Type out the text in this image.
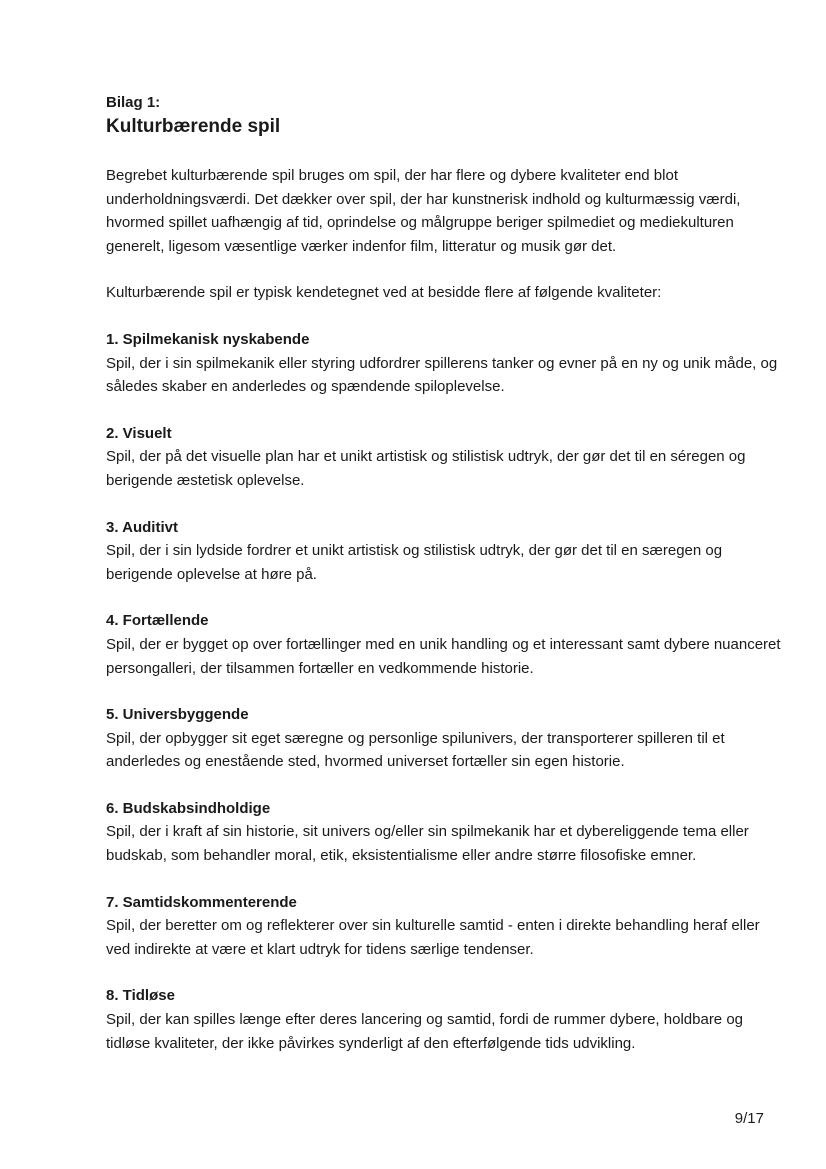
Bilag 1:

Kulturbærende spil

Begrebet kulturbærende spil bruges om spil, der har flere og dybere kvaliteter end blot underholdningsværdi. Det dækker over spil, der har kunstnerisk indhold og kulturmæssig værdi, hvormed spillet uafhængig af tid, oprindelse og målgruppe beriger spilmediet og mediekulturen generelt, ligesom væsentlige værker indenfor film, litteratur og musik gør det.

Kulturbærende spil er typisk kendetegnet ved at besidde flere af følgende kvaliteter:

1. Spilmekanisk nyskabende

Spil, der i sin spilmekanik eller styring udfordrer spillerens tanker og evner på en ny og unik måde, og således skaber en anderledes og spændende spiloplevelse.

2. Visuelt

Spil, der på det visuelle plan har et unikt artistisk og stilistisk udtryk, der gør det til en séregen og berigende æstetisk oplevelse.

3. Auditivt

Spil, der i sin lydside fordrer et unikt artistisk og stilistisk udtryk, der gør det til en særegen og berigende oplevelse at høre på.

4. Fortællende

Spil, der er bygget op over fortællinger med en unik handling og et interessant samt dybere nuanceret persongalleri, der tilsammen fortæller en vedkommende historie.

5. Universbyggende

Spil, der opbygger sit eget særegne og personlige spilunivers, der transporterer spilleren til et anderledes og enestående sted, hvormed universet fortæller sin egen historie.

6. Budskabsindholdige

Spil, der i kraft af sin historie, sit univers og/eller sin spilmekanik har et dybereliggende tema eller budskab, som behandler moral, etik, eksistentialisme eller andre større filosofiske emner.

7. Samtidskommenterende

Spil, der beretter om og reflekterer over sin kulturelle samtid - enten i direkte behandling heraf eller ved indirekte at være et klart udtryk for tidens særlige tendenser.

8. Tidløse

Spil, der kan spilles længe efter deres lancering og samtid, fordi de rummer dybere, holdbare og tidløse kvaliteter, der ikke påvirkes synderligt af den efterfølgende tids udvikling.

9/17
